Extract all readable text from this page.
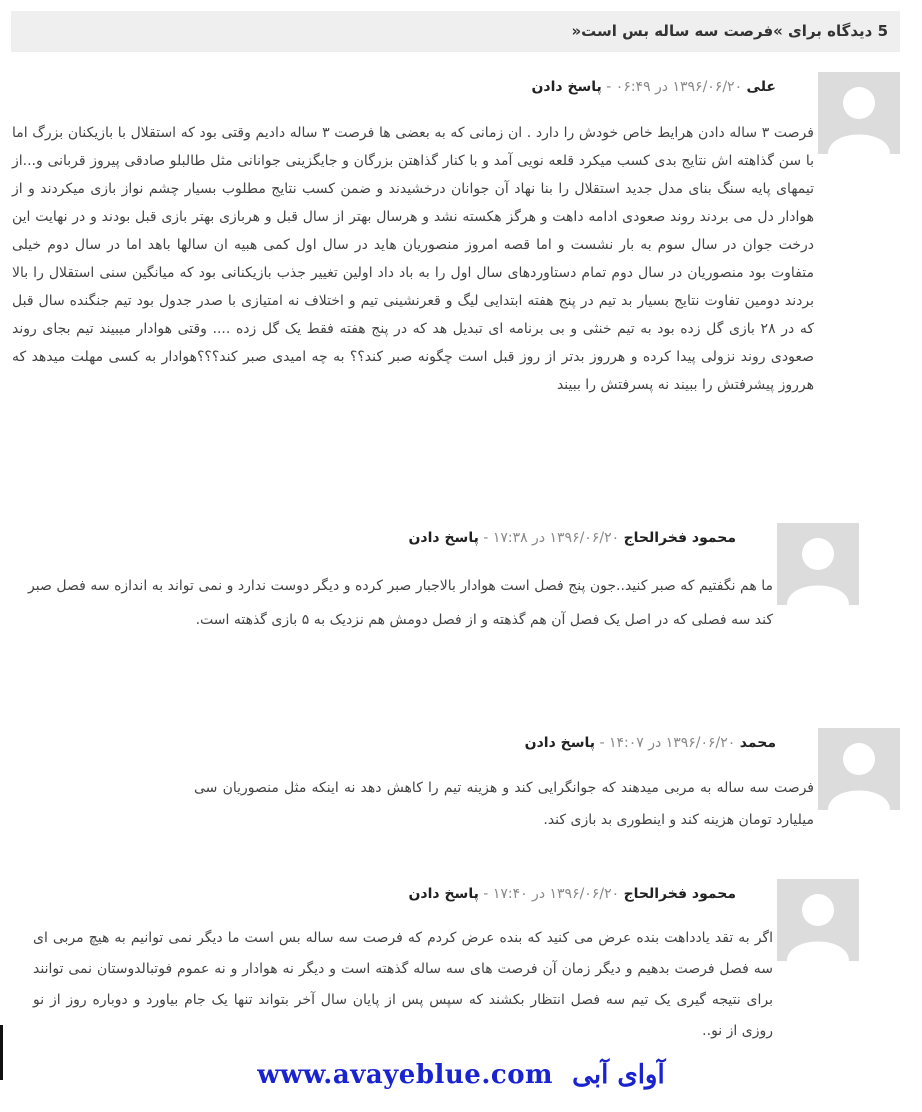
5 دیدگاه برای »فرصت سه ساله بس است«
علی ۱۳۹۶/۰۶/۲۰ در ۰۶:۴۹ - پاسخ دادن
فرصت ۳ ساله دادن هرایط خاص خودش را دارد . ان زمانی که به بعضی ها فرصت ۳ ساله دادیم وقتی بود که استقلال با بازیکنان بزرگ اما با سن گذاهته اش نتایج بدی کسب میکرد قلعه نویی آمد و با کنار گذاهتن بزرگان و جایگزینی جوانانی مثل طالبلو صادقی پیروز قربانی و...از تیمهای پایه سنگ بنای مدل جدید استقلال را بنا نهاد آن جوانان درخشیدند و ضمن کسب نتایج مطلوب بسیار چشم نواز بازی میکردند و از هوادار دل می بردند روند صعودی ادامه داهت و هرگز هکسته نشد و هرسال بهتر از سال قبل و هربازی بهتر بازی قبل بودند و در نهایت این درخت جوان در سال سوم به بار نشست و اما قصه امروز منصوریان هاید در سال اول کمی هبیه ان سالها باهد اما در سال دوم خیلی متفاوت بود منصوریان در سال دوم تمام دستاوردهای سال اول را به باد داد اولین تغییر جذب بازیکنانی بود که میانگین سنی استقلال را بالا بردند دومین تفاوت نتایج بسیار بد تیم در پنج هفته ابتدایی لیگ و قعرنشینی تیم و اختلاف نه امتیازی با صدر جدول بود تیم جنگنده سال قبل که در ۲۸ بازی گل زده بود به تیم خنثی و بی برنامه ای تبدیل هد که در پنج هفته فقط یک گل زده .... وقتی هوادار میبیند تیم بجای روند صعودی روند نزولی پیدا کرده و هرروز بدتر از روز قبل است چگونه صبر کند؟؟ به چه امیدی صبر کند؟؟؟هوادار به کسی مهلت میدهد که هرروز پیشرفتش را ببیند نه پسرفتش را ببیند
محمود فخرالحاج ۱۳۹۶/۰۶/۲۰ در ۱۷:۳۸ - پاسخ دادن
ما هم نگفتیم که صبر کنید..جون پنج فصل است هوادار بالاجبار صبر کرده و دیگر دوست ندارد و نمی تواند به اندازه سه فصل صبر کند سه فصلی که در اصل یک فصل آن هم گذهته و از فصل دومش هم نزدیک به ۵ بازی گذهته است.
محمد ۱۳۹۶/۰۶/۲۰ در ۱۴:۰۷ - پاسخ دادن
فرصت سه ساله به مربی میدهند که جوانگرایی کند و هزینه تیم را کاهش دهد نه اینکه مثل منصوریان سی میلیارد تومان هزینه کند و اینطوری بد بازی کند.
محمود فخرالحاج ۱۳۹۶/۰۶/۲۰ در ۱۷:۴۰ - پاسخ دادن
اگر به تقد یادداهت بنده عرض می کنید که بنده عرض کردم که فرصت سه ساله بس است ما دیگر نمی توانیم به هیچ مربی ای سه فصل فرصت بدهیم و دیگر زمان آن فرصت های سه ساله گذهته است و دیگر نه هوادار و نه عموم فوتبالدوستان نمی توانند برای نتیجه گیری یک تیم سه فصل انتظار بکشند که سپس پس از پایان سال آخر بتواند تنها یک جام بیاورد و دوباره روز از نو روزی از نو..
www.avayeblue.com آوای آبی
